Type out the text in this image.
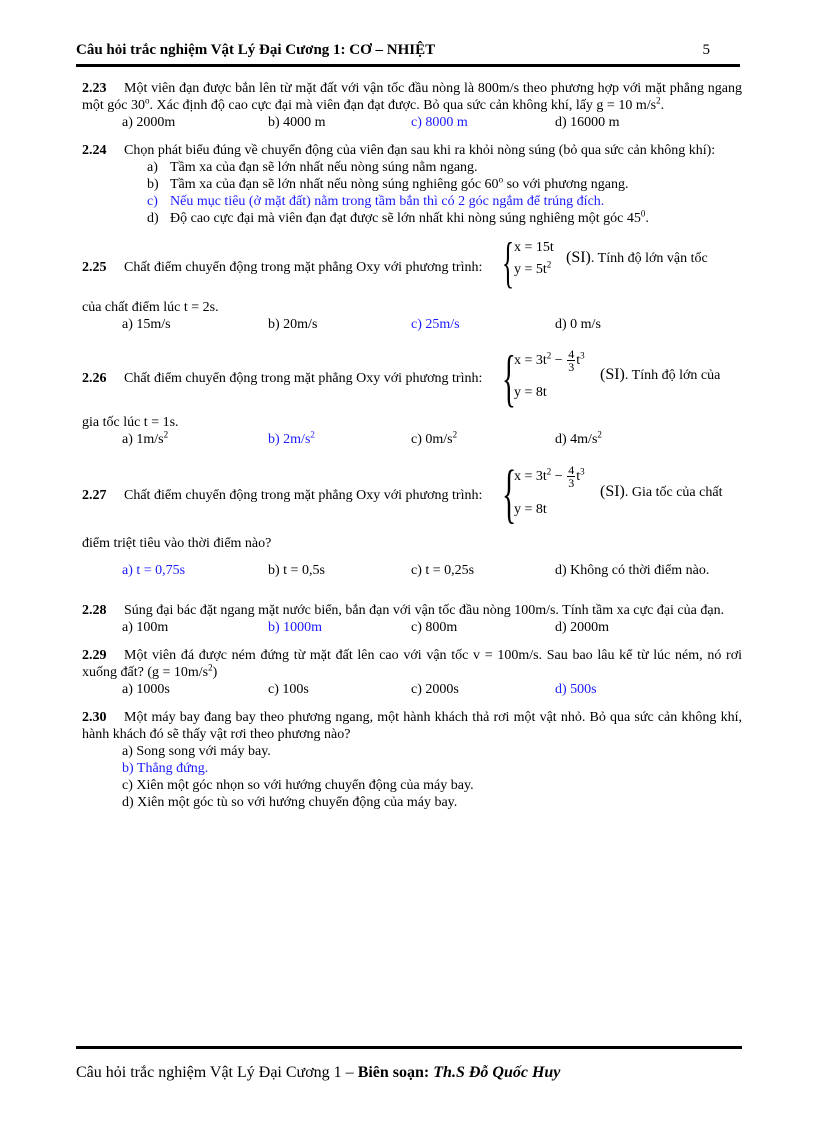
Câu hỏi trắc nghiệm Vật Lý Đại Cương 1: CƠ – NHIỆT	5
2.23 Một viên đạn được bắn lên từ mặt đất với vận tốc đầu nòng là 800m/s theo phương hợp với mặt phẳng ngang một góc 30$^o$. Xác định độ cao cực đại mà viên đạn đạt được. Bỏ qua sức cản không khí, lấy g = 10 $m/s^2$.
a) 2000m	b) 4000 m	c) 8000 m	d) 16000 m
2.24 Chọn phát biểu đúng về chuyển động của viên đạn sau khi ra khỏi nòng súng (bỏ qua sức cản không khí):
a) Tầm xa của đạn sẽ lớn nhất nếu nòng súng nằm ngang.
b) Tầm xa của đạn sẽ lớn nhất nếu nòng súng nghiêng góc 60$^o$ so với phương ngang.
c) Nếu mục tiêu (ở mặt đất) nằm trong tầm bắn thì có 2 góc ngắm để trúng đích.
d) Độ cao cực đại mà viên đạn đạt được sẽ lớn nhất khi nòng súng nghiêng một góc $45^0$.
2.25 Chất điểm chuyển động trong mặt phẳng Oxy với phương trình: { x = 15t
$y = 5t^2$ (SI). Tính độ lớn vận tốc
của chất điểm lúc t = 2s.
a) 15m/s	b) 20m/s	c) 25m/s	d) 0 m/s
2.26 Chất điểm chuyển động trong mặt phẳng Oxy với phương trình: {
$x = 3t^2 - \frac{4}{3} t^3$
y = 8t
(SI). Tính độ lớn của
gia tốc lúc t = 1s.
a) $1m/s^2$	b) $2m/s^2$	c) $0m/s^2$	d) $4m/s^2$
2.27 Chất điểm chuyển động trong mặt phẳng Oxy với phương trình: {
$x = 3t^2 - \frac{4}{3} t^3$
y = 8t
(SI). Gia tốc của chất
điểm triệt tiêu vào thời điểm nào?
a) t = 0,75s	b) t = 0,5s	c) t = 0,25s	d) Không có thời điểm nào.
2.28 Súng đại bác đặt ngang mặt nước biển, bắn đạn với vận tốc đầu nòng 100m/s. Tính tầm xa cực đại của đạn.
a) 100m	b) 1000m	c) 800m	d) 2000m
2.29 Một viên đá được ném đứng từ mặt đất lên cao với vận tốc v = 100m/s. Sau bao lâu kể từ lúc ném, nó rơi xuống đất? $(g = 10m/s^2)$
a) 1000s	c) 100s	c) 2000s	d) 500s
2.30 Một máy bay đang bay theo phương ngang, một hành khách thả rơi một vật nhỏ. Bỏ qua sức cản không khí, hành khách đó sẽ thấy vật rơi theo phương nào?
a) Song song với máy bay.
b) Thẳng đứng.
c) Xiên một góc nhọn so với hướng chuyển động của máy bay.
d) Xiên một góc tù so với hướng chuyển động của máy bay.
Câu hỏi trắc nghiệm Vật Lý Đại Cương 1 – Biên soạn: Th.S Đỗ Quốc Huy
